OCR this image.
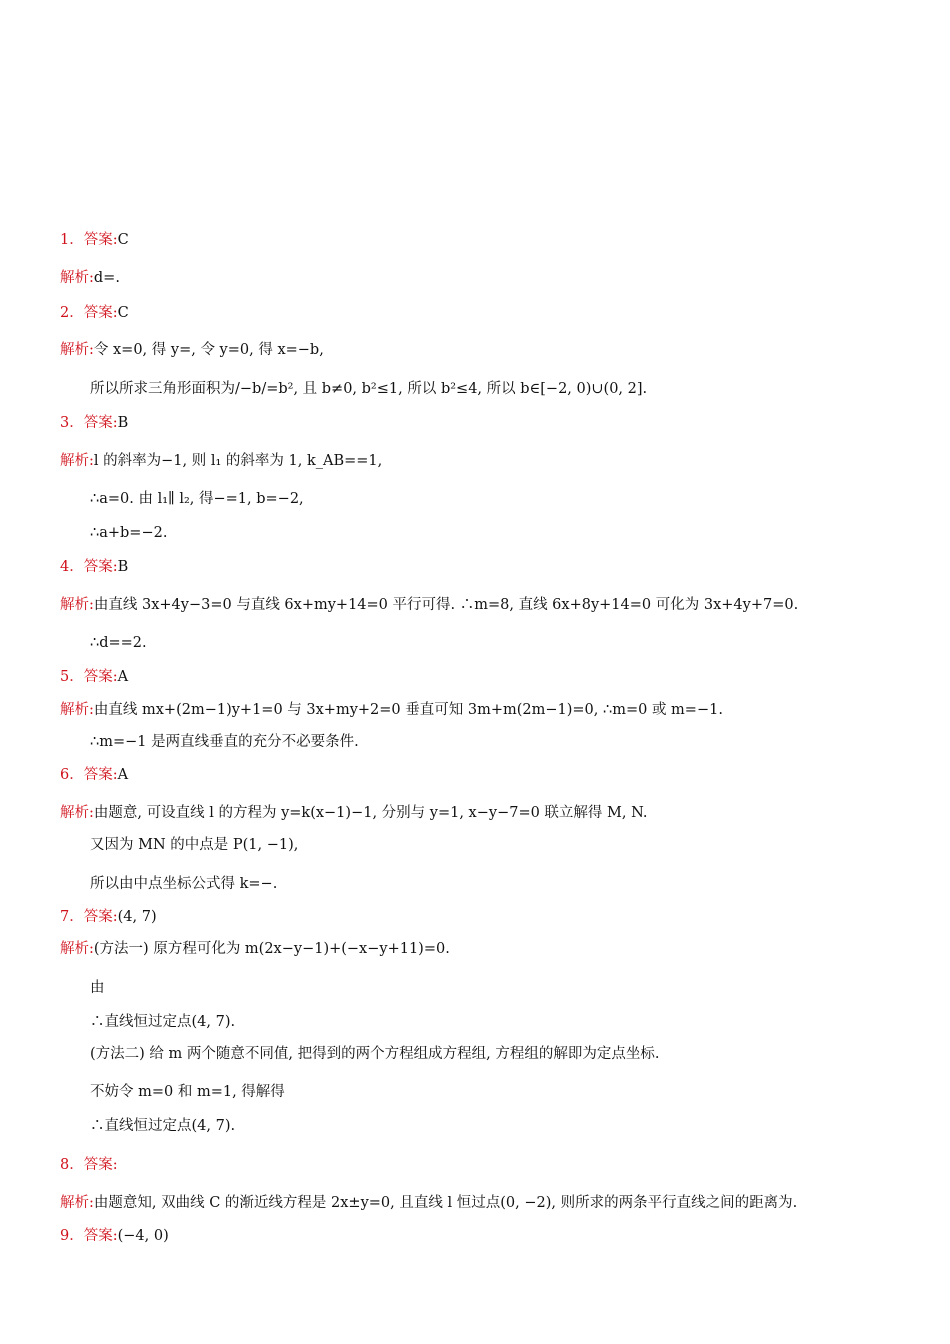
1．答案:C
解析:d=.
2．答案:C
解析:令 x=0, 得 y=, 令 y=0, 得 x=−b,
所以所求三角形面积为/−b/=b², 且 b≠0, b²≤1, 所以 b²≤4, 所以 b∈[−2, 0)∪(0, 2].
3．答案:B
解析:l 的斜率为−1, 则 l₁ 的斜率为 1, k_AB==1,
∴a=0. 由 l₁∥ l₂, 得−=1, b=−2,
∴a+b=−2.
4．答案:B
解析:由直线 3x+4y−3=0 与直线 6x+my+14=0 平行可得. ∴m=8, 直线 6x+8y+14=0 可化为 3x+4y+7=0.
∴d==2.
5．答案:A
解析:由直线 mx+(2m−1)y+1=0 与 3x+my+2=0 垂直可知 3m+m(2m−1)=0, ∴m=0 或 m=−1.
∴m=−1 是两直线垂直的充分不必要条件.
6．答案:A
解析:由题意, 可设直线 l 的方程为 y=k(x−1)−1, 分别与 y=1, x−y−7=0 联立解得 M, N.
又因为 MN 的中点是 P(1, −1),
所以由中点坐标公式得 k=−.
7．答案:(4, 7)
解析:(方法一) 原方程可化为 m(2x−y−1)+(−x−y+11)=0.
由
∴直线恒过定点(4, 7).
(方法二) 给 m 两个随意不同值, 把得到的两个方程组成方程组, 方程组的解即为定点坐标.
不妨令 m=0 和 m=1, 得解得
∴直线恒过定点(4, 7).
8．答案:
解析:由题意知, 双曲线 C 的渐近线方程是 2x±y=0, 且直线 l 恒过点(0, −2), 则所求的两条平行直线之间的距离为.
9．答案:(−4, 0)
